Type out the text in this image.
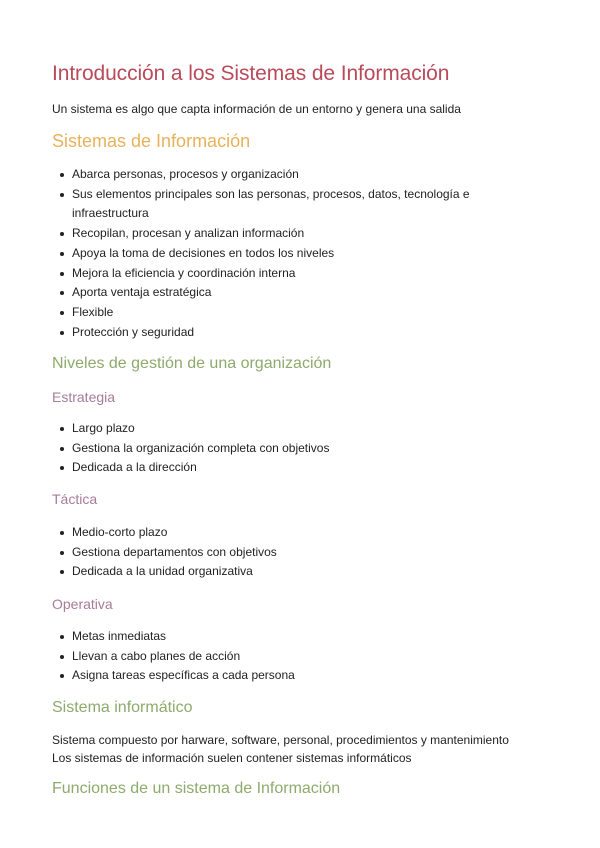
Introducción a los Sistemas de Información

Un sistema es algo que capta información de un entorno y genera una salida

Sistemas de Información
Abarca personas, procesos y organización
Sus elementos principales son las personas, procesos, datos, tecnología e infraestructura
Recopilan, procesan y analizan información
Apoya la toma de decisiones en todos los niveles
Mejora la eficiencia y coordinación interna
Aporta ventaja estratégica
Flexible
Protección y seguridad
Niveles de gestión de una organización
Estrategia
Largo plazo
Gestiona la organización completa con objetivos
Dedicada a la dirección
Táctica
Medio-corto plazo
Gestiona departamentos con objetivos
Dedicada a la unidad organizativa
Operativa
Metas inmediatas
Llevan a cabo planes de acción
Asigna tareas específicas a cada persona
Sistema informático

Sistema compuesto por harware, software, personal, procedimientos y mantenimiento

Los sistemas de información suelen contener sistemas informáticos

Funciones de un sistema de Información
